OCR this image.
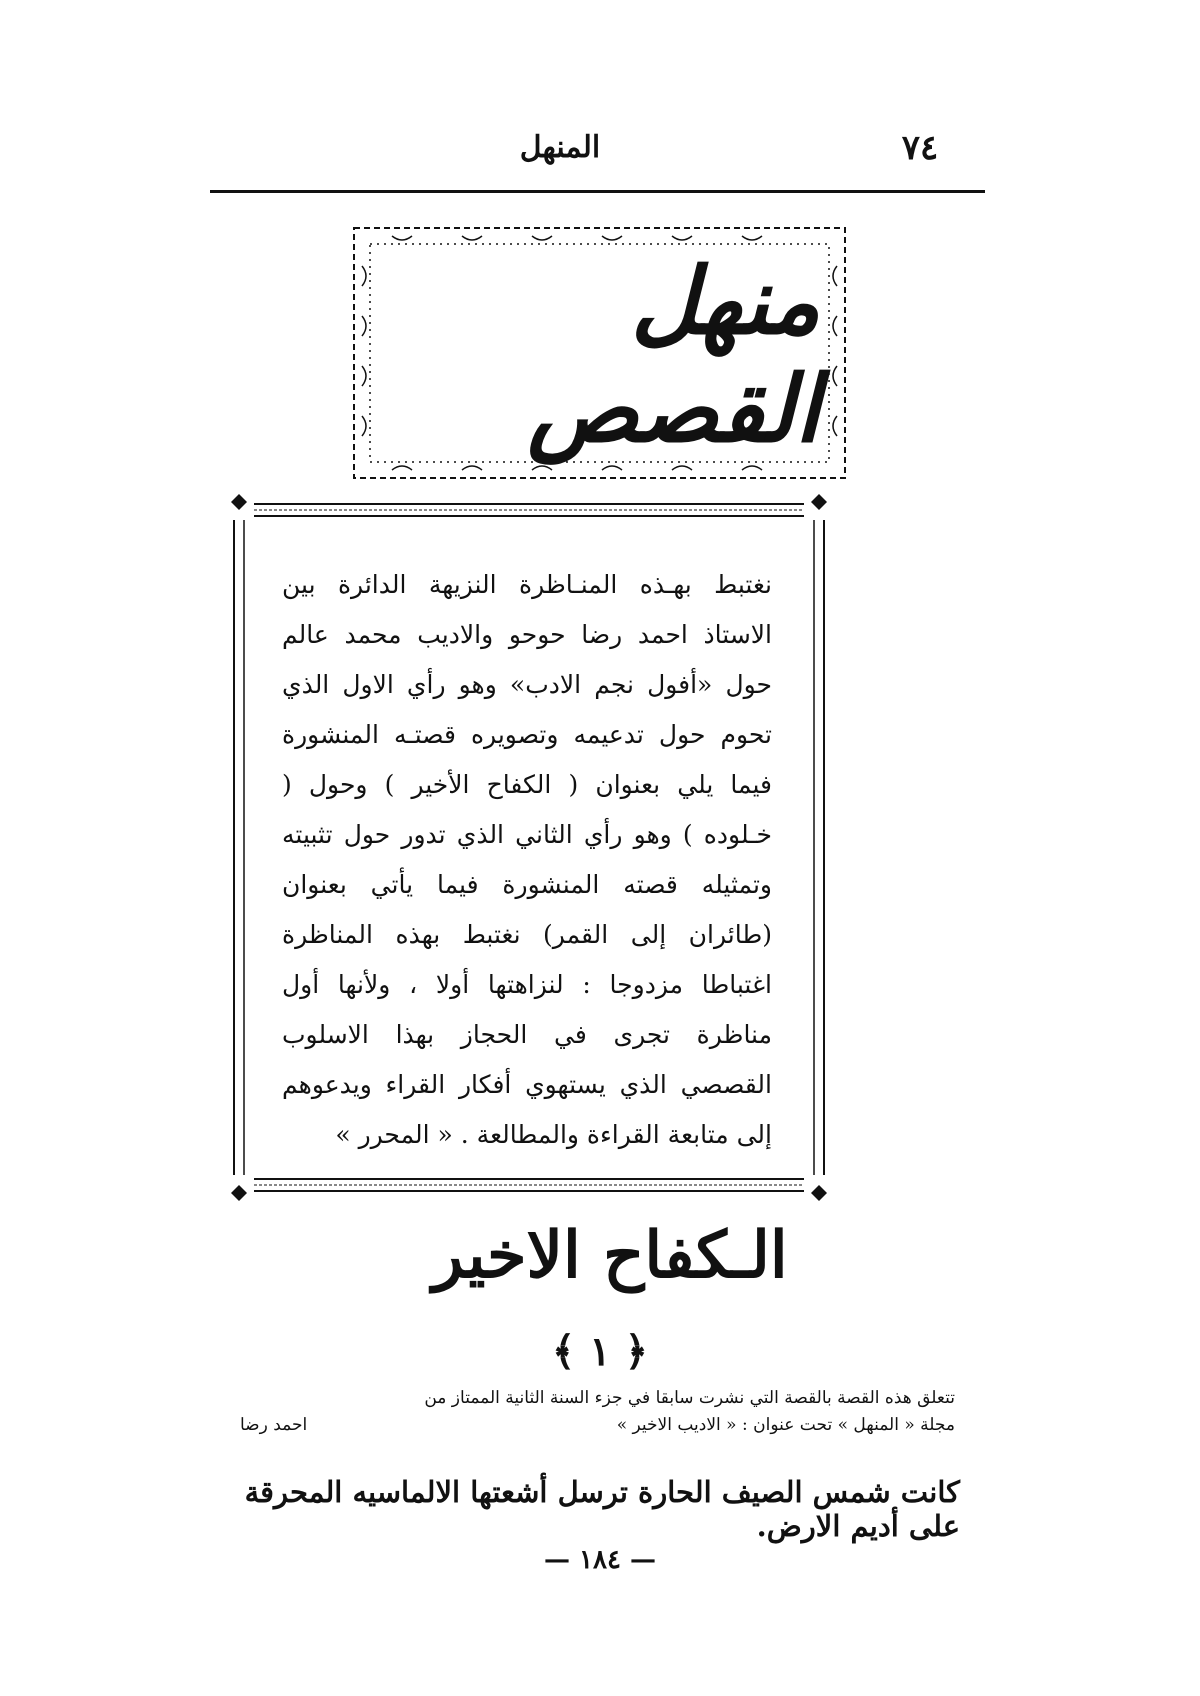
٧٤
المنهل
منهل القصص
نغتبط بهـذه المنـاظرة النزيهة الدائرة بين الاستاذ احمد رضا حوحو والاديب محمد عالم حول «أفول نجم الادب» وهو رأي الاول الذي تحوم حول تدعيمه وتصويره قصتـه المنشورة فيما يلي بعنوان ( الكفاح الأخير ) وحول ( خـلوده ) وهو رأي الثاني الذي تدور حول تثبيته وتمثيله قصته المنشورة فيما يأتي بعنوان (طائران إلى القمر) نغتبط بهذه المناظرة اغتباطا مزدوجا : لنزاهتها أولا ، ولأنها أول مناظرة تجرى في الحجاز بهذا الاسلوب القصصي الذي يستهوي أفكار القراء ويدعوهم إلى متابعة القراءة والمطالعة . « المحرر »
الـكفاح الاخير
﴿ ١ ﴾
تتعلق هذه القصة بالقصة التي نشرت سابقا في جزء السنة الثانية الممتاز من
مجلة « المنهل » تحت عنوان : « الاديب الاخير »
احمد رضا
كانت شمس الصيف الحارة ترسل أشعتها الالماسيه المحرقة على أديم الارض.
— ١٨٤ —
